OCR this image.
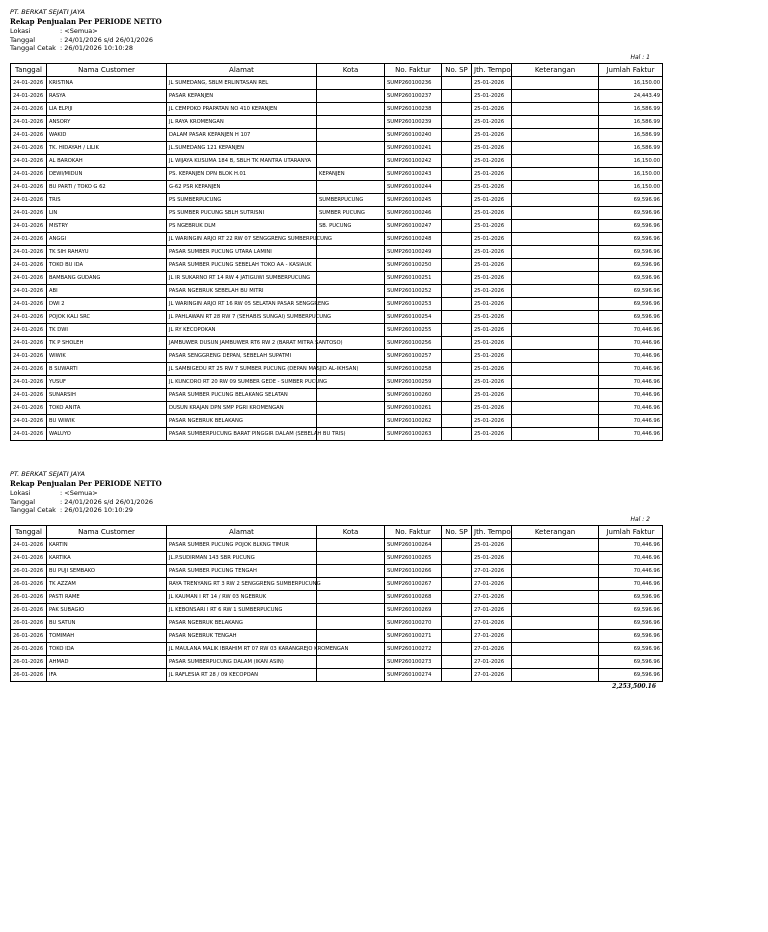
PT. BERKAT SEJATI JAYA
Rekap Penjualan Per PERIODE NETTO
Lokasi	: <Semua>
Tanggal	: 24/01/2026 s/d 26/01/2026
Tanggal Cetak : 26/01/2026 10:10:28
Hal : 1
Tanggal	Nama Customer	Alamat	Kota	No. Faktur	No. SP	Jth. Tempo	Keterangan	Jumlah Faktur
24-01-2026	KRISTINA	JL SUMEDANG, SBLM ERLINTASAN REL		SUMP260100236		25-01-2026		16,150.00
24-01-2026	RASYA	PASAR KEPANJEN		SUMP260100237		25-01-2026		24,443.49
24-01-2026	LIA ELPIJI	JL CEMPOKO PRAPATAN NO 410 KEPANJEN		SUMP260100238		25-01-2026		16,586.99
24-01-2026	ANSORY	JL RAYA KROMENGAN		SUMP260100239		25-01-2026		16,586.99
24-01-2026	WAKID	DALAM PASAR KEPANJEN H 107		SUMP260100240		25-01-2026		16,586.99
24-01-2026	TK. HIDAYAH / LILIK	JL.SUMEDANG 121 KEPANJEN		SUMP260100241		25-01-2026		16,586.99
24-01-2026	AL BAROKAH	JL WIJAYA KUSUMA 184 B, SBLH TK MANTRA UTARANYA		SUMP260100242		25-01-2026		16,150.00
24-01-2026	DEWI/MIDUN	PS. KEPANJEN DPN BLOK H.01	KEPANJEN	SUMP260100243		25-01-2026		16,150.00
24-01-2026	BU PARTI / TOKO G 62	G-62 PSR KEPANJEN		SUMP260100244		25-01-2026		16,150.00
24-01-2026	TRIS	PS SUMBERPUCUNG	SUMBERPUCUNG	SUMP260100245		25-01-2026		69,596.96
24-01-2026	LIN	PS SUMBER PUCUNG SBLH SUTRISNI	SUMBER PUCUNG	SUMP260100246		25-01-2026		69,596.96
24-01-2026	MISTRY	PS NGEBRUK DLM	SB. PUCUNG	SUMP260100247		25-01-2026		69,596.96
24-01-2026	ANGGI	JL WARINGIN ARJO RT 22 RW 07 SENGGRENG SUMBERPUCUNG		SUMP260100248		25-01-2026		69,596.96
24-01-2026	TK SIH RAHAYU	PASAR SUMBER PUCUNG UTARA LAMINI		SUMP260100249		25-01-2026		69,596.96
24-01-2026	TOKO BU IDA	PASAR SUMBER PUCUNG SEBELAH TOKO AA - KASIAUK		SUMP260100250		25-01-2026		69,596.96
24-01-2026	BAMBANG GUDANG	JL IR SUKARNO RT 14 RW 4 JATIGUWI SUMBERPUCUNG		SUMP260100251		25-01-2026		69,596.96
24-01-2026	ABI	PASAR NGEBRUK SEBELAH BU MITRI		SUMP260100252		25-01-2026		69,596.96
24-01-2026	DWI 2	JL WARINGIN ARJO RT 16 RW 05 SELATAN PASAR SENGGRENG		SUMP260100253		25-01-2026		69,596.96
24-01-2026	POJOK KALI SRC	JL PAHLAWAN RT 28 RW 7 (SEHABIS SUNGAI) SUMBERPUCUNG		SUMP260100254		25-01-2026		69,596.96
24-01-2026	TK DWI	JL RY KECOPOKAN		SUMP260100255		25-01-2026		70,446.96
24-01-2026	TK P SHOLEH	JAMBUWER DUSUN JAMBUWER RT6 RW 2 (BARAT MITRA SANTOSO)		SUMP260100256		25-01-2026		70,446.96
24-01-2026	WIWIK	PASAR SENGGRENG DEPAN, SEBELAH SUPATMI		SUMP260100257		25-01-2026		70,446.96
24-01-2026	B SUWARTI	JL SAMBIGEDU RT 25 RW 7 SUMBER PUCUNG (DEPAN MASJID AL-IKHSAN)		SUMP260100258		25-01-2026		70,446.96
24-01-2026	YUSUF	JL KUNCORO RT 20 RW 09 SUMBER GEDE - SUMBER PUCUNG		SUMP260100259		25-01-2026		70,446.96
24-01-2026	SUNARSIH	PASAR SUMBER PUCUNG BELAKANG SELATAN		SUMP260100260		25-01-2026		70,446.96
24-01-2026	TOKO ANITA	DUSUN KRAJAN DPN SMP PGRI KROMENGAN		SUMP260100261		25-01-2026		70,446.96
24-01-2026	BU WIWIK	PASAR NGEBRUK BELAKANG		SUMP260100262		25-01-2026		70,446.96
24-01-2026	WALUYO	PASAR SUMBERPUCUNG BARAT PINGGIR DALAM (SEBELAH BU TRIS)		SUMP260100263		25-01-2026		70,446.96
PT. BERKAT SEJATI JAYA
Rekap Penjualan Per PERIODE NETTO
Lokasi	: <Semua>
Tanggal	: 24/01/2026 s/d 26/01/2026
Tanggal Cetak : 26/01/2026 10:10:29
Hal : 2
Tanggal	Nama Customer	Alamat	Kota	No. Faktur	No. SP	Jth. Tempo	Keterangan	Jumlah Faktur
24-01-2026	KARTIN	PASAR SUMBER PUCUNG POJOK BLKNG TIMUR		SUMP260100264		25-01-2026		70,446.96
24-01-2026	KARTIKA	JL.P.SUDIRMAN 143 SBR PUCUNG		SUMP260100265		25-01-2026		70,446.96
26-01-2026	BU PUJI SEMBAKO	PASAR SUMBER PUCUNG TENGAH		SUMP260100266		27-01-2026		70,446.96
26-01-2026	TK AZZAM	RAYA TRENYANG RT 3 RW 2 SENGGRENG SUMBERPUCUNG		SUMP260100267		27-01-2026		70,446.96
26-01-2026	PASTI RAME	JL KAUMAN I RT 14 / RW 03 NGEBRUK		SUMP260100268		27-01-2026		69,596.96
26-01-2026	PAK SUBAGIO	JL KEBONSARI I RT 6 RW 1 SUMBERPUCUNG		SUMP260100269		27-01-2026		69,596.96
26-01-2026	BU SATUN	PASAR NGEBRUK BELAKANG		SUMP260100270		27-01-2026		69,596.96
26-01-2026	TOMIMAH	PASAR NGEBRUK TENGAH		SUMP260100271		27-01-2026		69,596.96
26-01-2026	TOKO IDA	JL MAULANA MALIK IBRAHIM RT 07 RW 03 KARANGREJO KROMENGAN		SUMP260100272		27-01-2026		69,596.96
26-01-2026	AHMAD	PASAR SUMBERPUCUNG DALAM (IKAN ASIN)		SUMP260100273		27-01-2026		69,596.96
26-01-2026	IFA	JL RAFLESIA RT 28 / 09 KECOPOAN		SUMP260100274		27-01-2026		69,596.96
2,253,500.16
